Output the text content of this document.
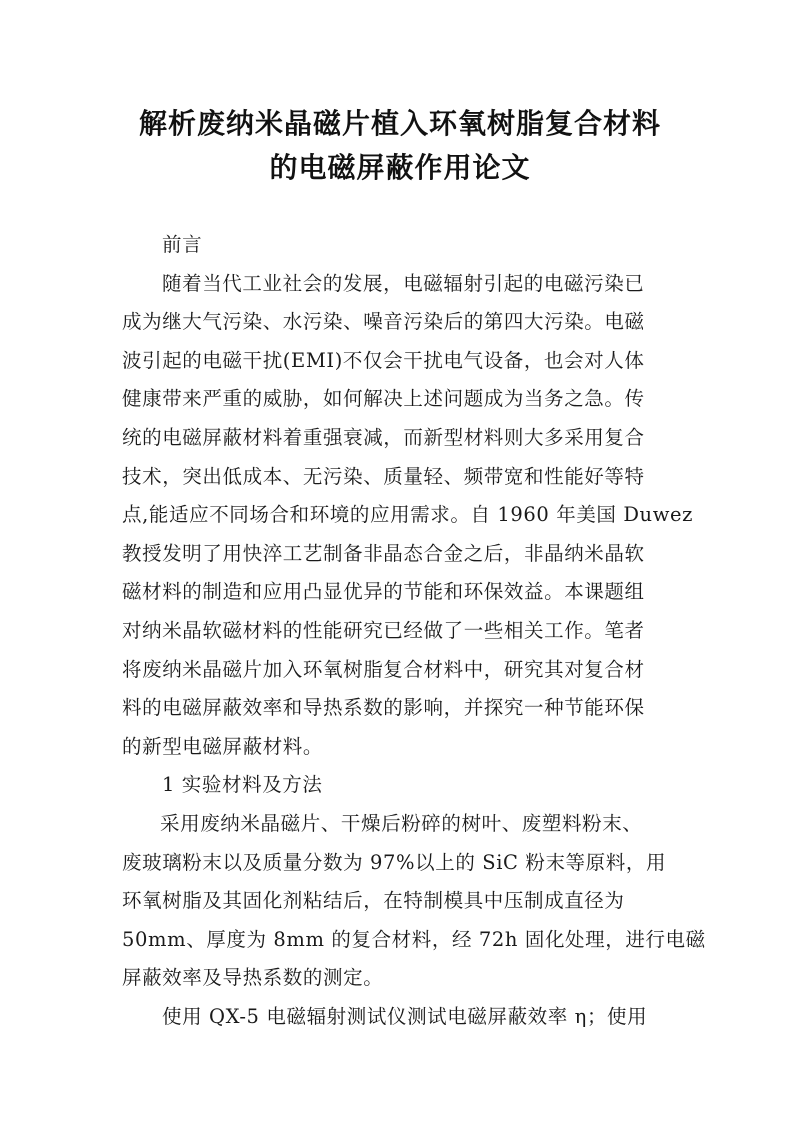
解析废纳米晶磁片植入环氧树脂复合材料
的电磁屏蔽作用论文
前言
随着当代工业社会的发展，电磁辐射引起的电磁污染已
成为继大气污染、水污染、噪音污染后的第四大污染。电磁
波引起的电磁干扰(EMI)不仅会干扰电气设备，也会对人体
健康带来严重的威胁，如何解决上述问题成为当务之急。传
统的电磁屏蔽材料着重强衰减，而新型材料则大多采用复合
技术，突出低成本、无污染、质量轻、频带宽和性能好等特
点,能适应不同场合和环境的应用需求。自 1960 年美国 Duwez
教授发明了用快淬工艺制备非晶态合金之后，非晶纳米晶软
磁材料的制造和应用凸显优异的节能和环保效益。本课题组
对纳米晶软磁材料的性能研究已经做了一些相关工作。笔者
将废纳米晶磁片加入环氧树脂复合材料中，研究其对复合材
料的电磁屏蔽效率和导热系数的影响，并探究一种节能环保
的新型电磁屏蔽材料。
1 实验材料及方法
采用废纳米晶磁片、干燥后粉碎的树叶、废塑料粉末、
废玻璃粉末以及质量分数为 97%以上的 SiC 粉末等原料，用
环氧树脂及其固化剂粘结后，在特制模具中压制成直径为
50mm、厚度为 8mm 的复合材料，经 72h 固化处理，进行电磁
屏蔽效率及导热系数的测定。
使用 QX-5 电磁辐射测试仪测试电磁屏蔽效率 η；使用
